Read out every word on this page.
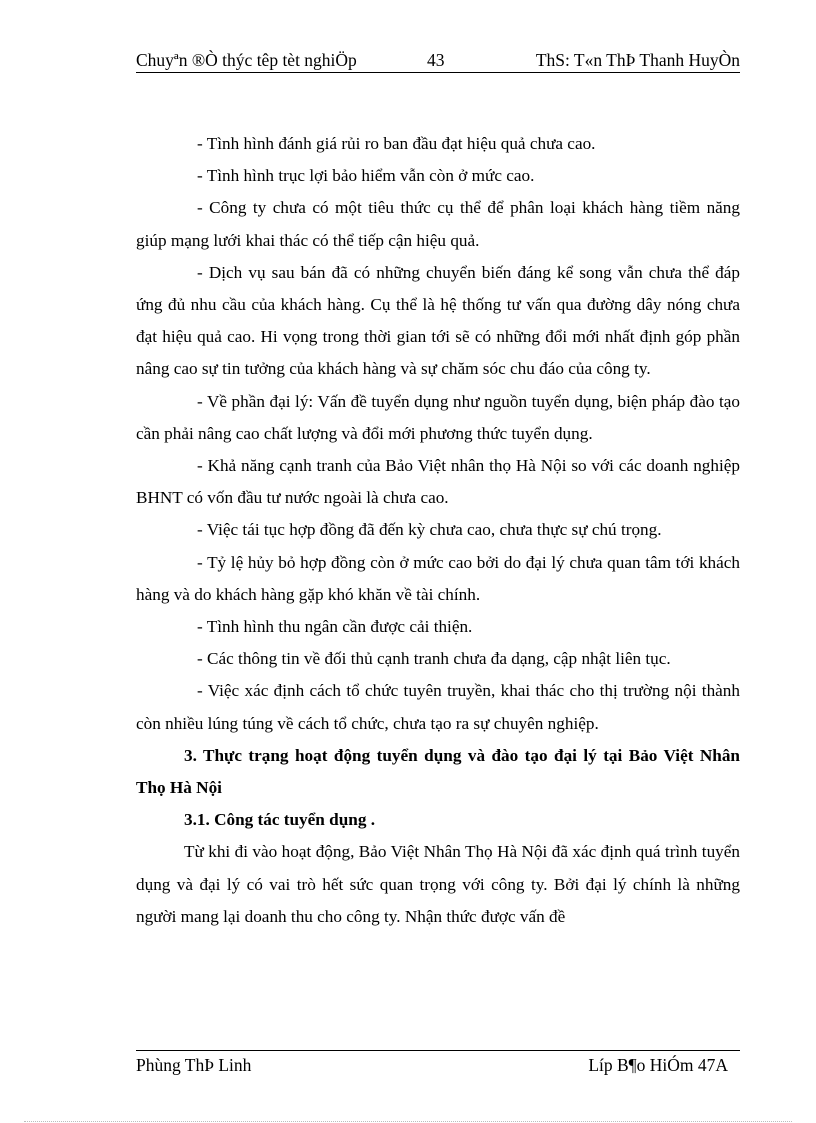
Chuyªn ®Ò thýc têp tèt nghiÖp	43	ThS: T«n ThÞ Thanh HuyÒn

- Tình hình đánh giá rủi ro ban đầu đạt hiệu quả chưa cao.

- Tình hình trục lợi bảo hiểm vẫn còn ở mức cao.

- Công ty chưa có một tiêu thức cụ thể để phân loại khách hàng tiềm năng giúp mạng lưới khai thác có thể tiếp cận hiệu quả.

- Dịch vụ sau bán đã có những chuyển biến đáng kể song vẫn chưa thể đáp ứng đủ nhu cầu của khách hàng. Cụ thể là hệ thống tư vấn qua đường dây nóng chưa đạt hiệu quả cao. Hi vọng trong thời gian tới sẽ có những đổi mới nhất định góp phần nâng cao sự tin tưởng của khách hàng và sự chăm sóc chu đáo của công ty.

- Về phần đại lý: Vấn đề tuyển dụng như nguồn tuyển dụng, biện pháp đào tạo cần phải nâng cao chất lượng và đổi mới phương thức tuyển dụng.

- Khả năng cạnh tranh của Bảo Việt nhân thọ Hà Nội so với các doanh nghiệp BHNT có vốn đầu tư nước ngoài là chưa cao.

- Việc tái tục hợp đồng đã đến kỳ chưa cao, chưa thực sự chú trọng.

- Tỷ lệ hủy bỏ hợp đồng còn ở mức cao bởi do đại lý chưa quan tâm tới khách hàng và do khách hàng gặp khó khăn về tài chính.

- Tình hình thu ngân cần được cải thiện.

- Các thông tin về đối thủ cạnh tranh chưa đa dạng, cập nhật liên tục.

- Việc xác định cách tổ chức tuyên truyền, khai thác cho thị trường nội thành còn nhiều lúng túng về cách tổ chức, chưa tạo ra sự chuyên nghiệp.

3. Thực trạng hoạt động tuyển dụng và đào tạo đại lý tại Bảo Việt Nhân Thọ Hà Nội

3.1. Công tác tuyển dụng .

Từ khi đi vào hoạt động, Bảo Việt Nhân Thọ Hà Nội đã xác định quá trình tuyển dụng và đại lý có vai trò hết sức quan trọng với công ty. Bởi đại lý chính là những người mang lại doanh thu cho công ty. Nhận thức được vấn đề

Phùng ThÞ Linh	Líp B¶o HiÓm 47A
